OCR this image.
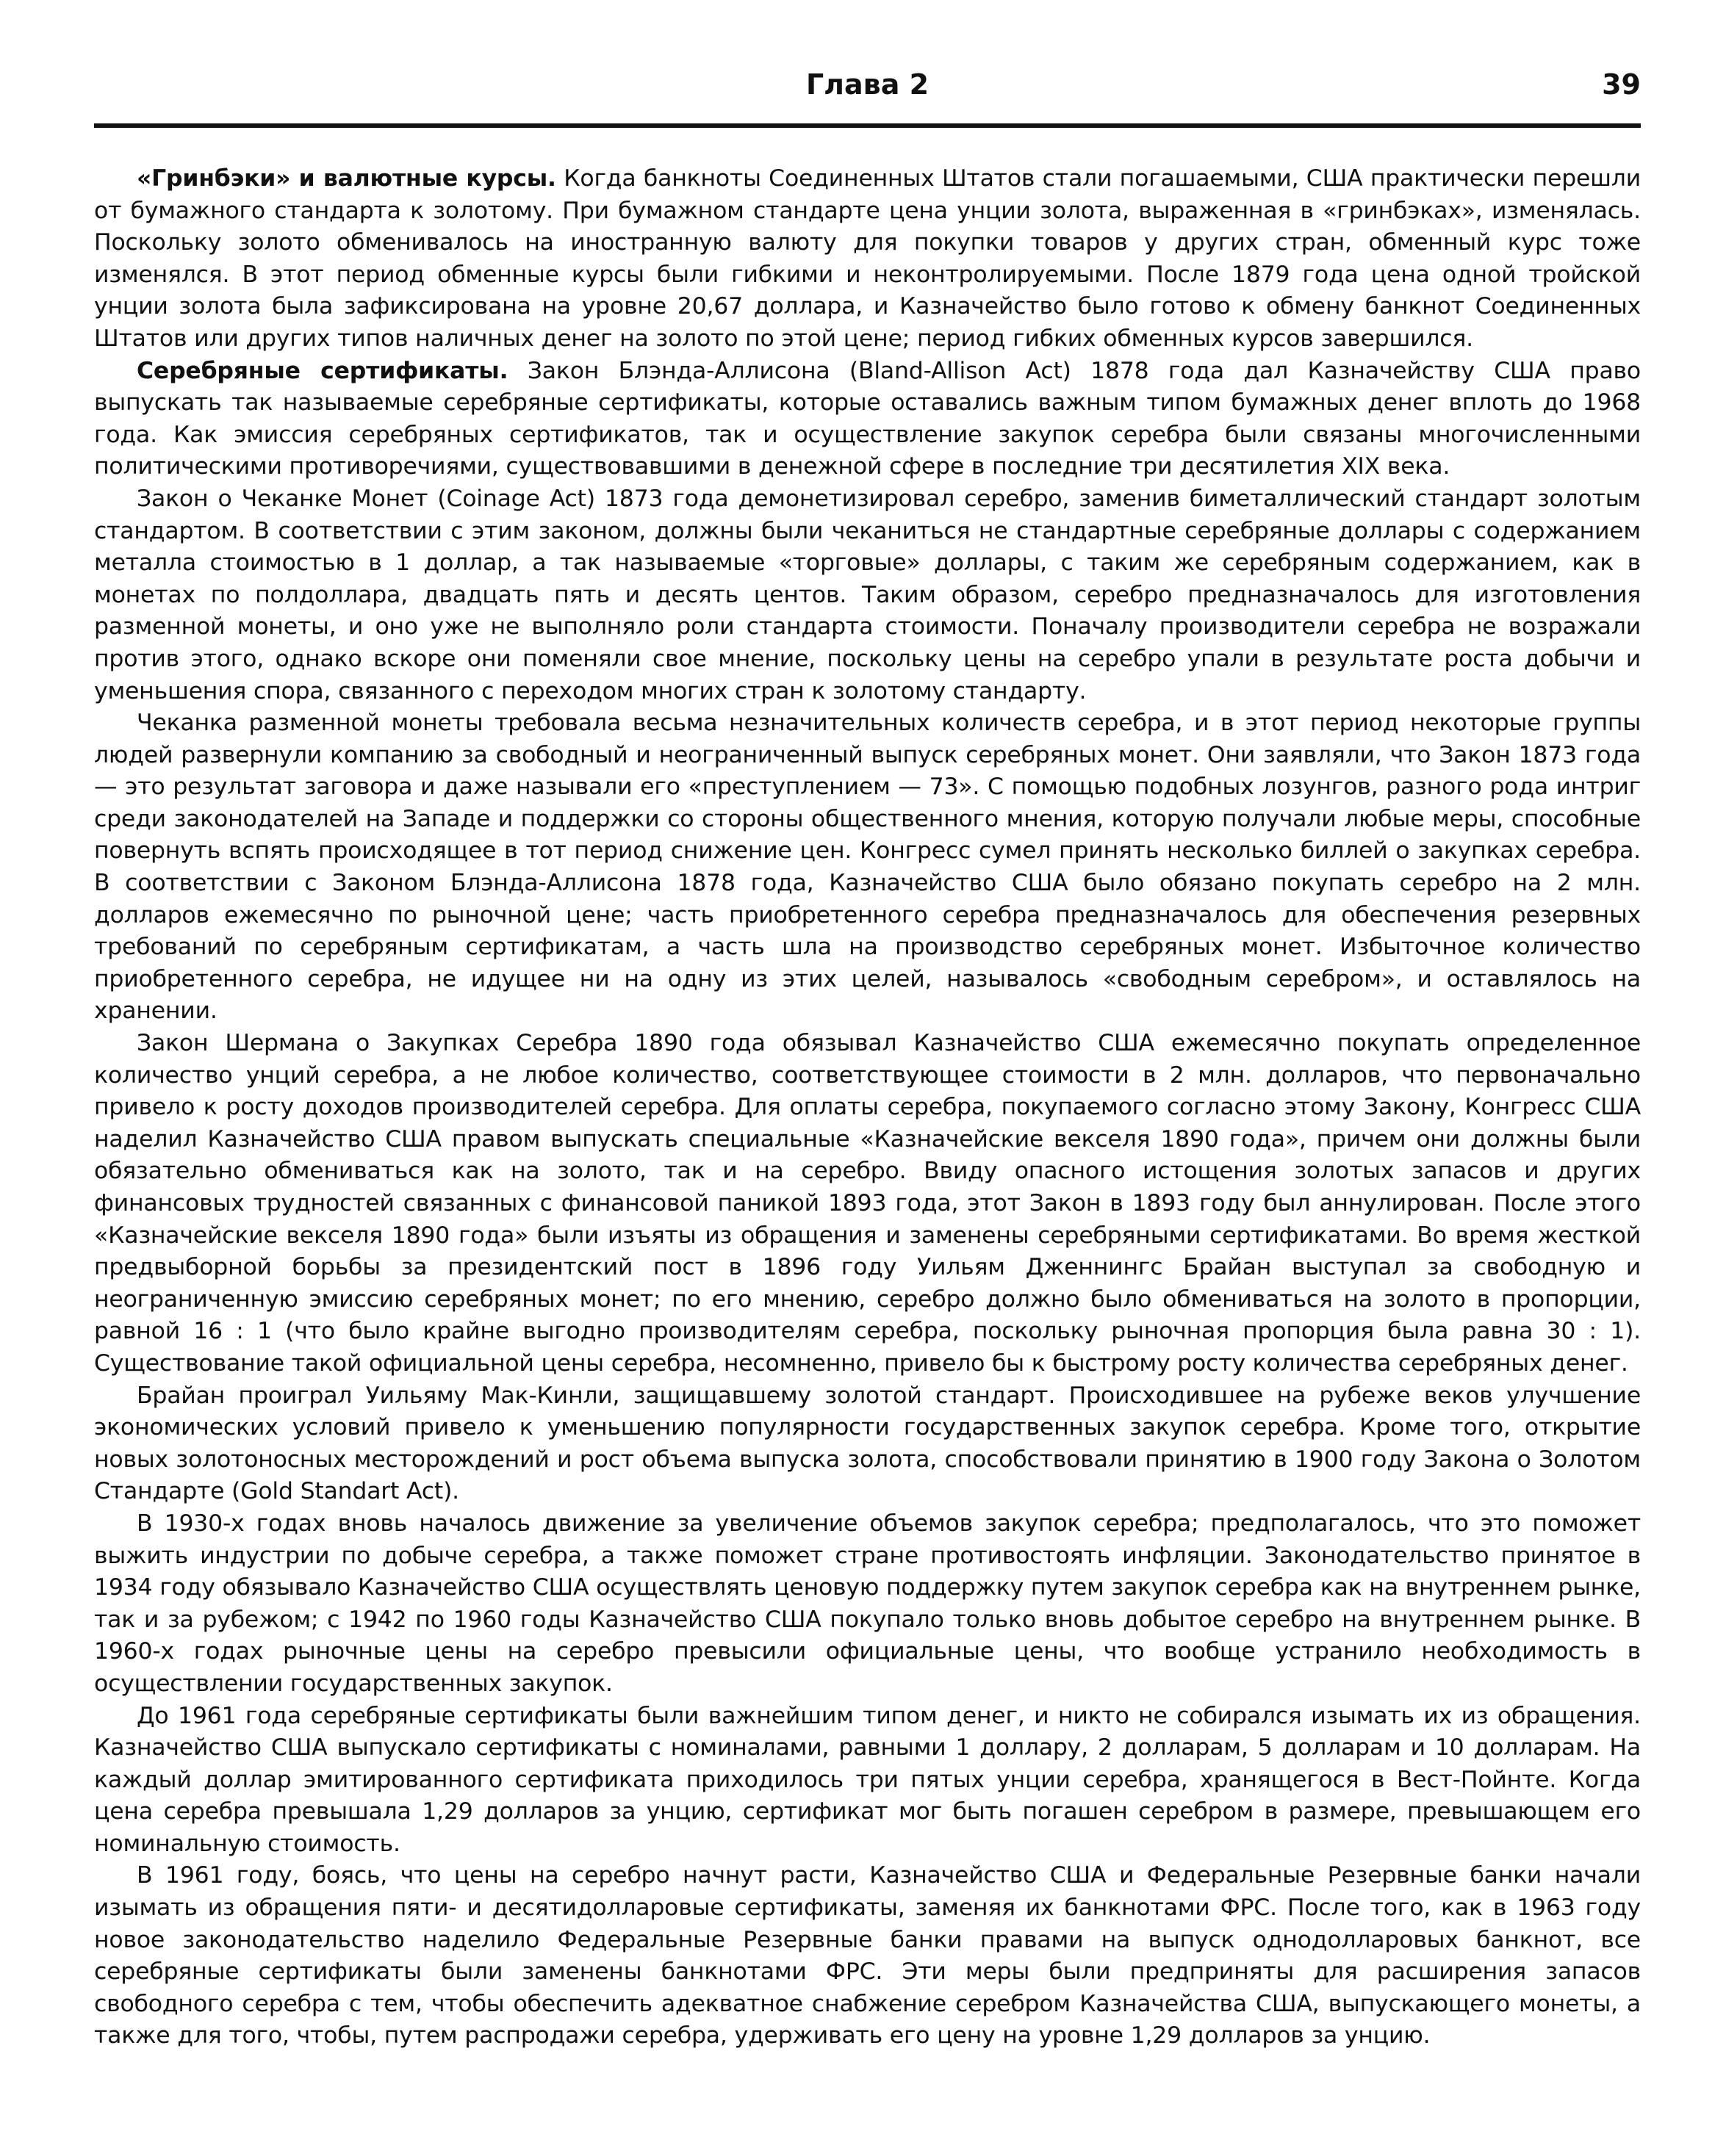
Глава 2	39

«Гринбэки» и валютные курсы. Когда банкноты Соединенных Штатов стали погашаемыми, США практически перешли от бумажного стандарта к золотому. При бумажном стандарте цена унции золота, выраженная в «гринбэках», изменялась. Поскольку золото обменивалось на иностранную валюту для покупки товаров у других стран, обменный курс тоже изменялся. В этот период обменные курсы были гибкими и неконтролируемыми. После 1879 года цена одной тройской унции золота была зафиксирована на уровне 20,67 доллара, и Казначейство было готово к обмену банкнот Соединенных Штатов или других типов наличных денег на золото по этой цене; период гибких обменных курсов завершился.

Серебряные сертификаты. Закон Блэнда-Аллисона (Bland-Allison Act) 1878 года дал Казначейству США право выпускать так называемые серебряные сертификаты, которые оставались важным типом бумажных денег вплоть до 1968 года. Как эмиссия серебряных сертификатов, так и осуществление закупок серебра были связаны многочисленными политическими противоречиями, существовавшими в денежной сфере в последние три десятилетия XIX века.

Закон о Чеканке Монет (Coinage Act) 1873 года демонетизировал серебро, заменив биметаллический стандарт золотым стандартом. В соответствии с этим законом, должны были чеканиться не стандартные серебряные доллары с содержанием металла стоимостью в 1 доллар, а так называемые «торговые» доллары, с таким же серебряным содержанием, как в монетах по полдоллара, двадцать пять и десять центов. Таким образом, серебро предназначалось для изготовления разменной монеты, и оно уже не выполняло роли стандарта стоимости. Поначалу производители серебра не возражали против этого, однако вскоре они поменяли свое мнение, поскольку цены на серебро упали в результате роста добычи и уменьшения спора, связанного с переходом многих стран к золотому стандарту.

Чеканка разменной монеты требовала весьма незначительных количеств серебра, и в этот период некоторые группы людей развернули компанию за свободный и неограниченный выпуск серебряных монет. Они заявляли, что Закон 1873 года — это результат заговора и даже называли его «преступлением — 73». С помощью подобных лозунгов, разного рода интриг среди законодателей на Западе и поддержки со стороны общественного мнения, которую получали любые меры, способные повернуть вспять происходящее в тот период снижение цен. Конгресс сумел принять несколько биллей о закупках серебра. В соответствии с Законом Блэнда-Аллисона 1878 года, Казначейство США было обязано покупать серебро на 2 млн. долларов ежемесячно по рыночной цене; часть приобретенного серебра предназначалось для обеспечения резервных требований по серебряным сертификатам, а часть шла на производство серебряных монет. Избыточное количество приобретенного серебра, не идущее ни на одну из этих целей, называлось «свободным серебром», и оставлялось на хранении.

Закон Шермана о Закупках Серебра 1890 года обязывал Казначейство США ежемесячно покупать определенное количество унций серебра, а не любое количество, соответствующее стоимости в 2 млн. долларов, что первоначально привело к росту доходов производителей серебра. Для оплаты серебра, покупаемого согласно этому Закону, Конгресс США наделил Казначейство США правом выпускать специальные «Казначейские векселя 1890 года», причем они должны были обязательно обмениваться как на золото, так и на серебро. Ввиду опасного истощения золотых запасов и других финансовых трудностей связанных с финансовой паникой 1893 года, этот Закон в 1893 году был аннулирован. После этого «Казначейские векселя 1890 года» были изъяты из обращения и заменены серебряными сертификатами. Во время жесткой предвыборной борьбы за президентский пост в 1896 году Уильям Дженнингс Брайан выступал за свободную и неограниченную эмиссию серебряных монет; по его мнению, серебро должно было обмениваться на золото в пропорции, равной 16 : 1 (что было крайне выгодно производителям серебра, поскольку рыночная пропорция была равна 30 : 1). Существование такой официальной цены серебра, несомненно, привело бы к быстрому росту количества серебряных денег.

Брайан проиграл Уильяму Мак-Кинли, защищавшему золотой стандарт. Происходившее на рубеже веков улучшение экономических условий привело к уменьшению популярности государственных закупок серебра. Кроме того, открытие новых золотоносных месторождений и рост объема выпуска золота, способствовали принятию в 1900 году Закона о Золотом Стандарте (Gold Standart Act).

В 1930-х годах вновь началось движение за увеличение объемов закупок серебра; предполагалось, что это поможет выжить индустрии по добыче серебра, а также поможет стране противостоять инфляции. Законодательство принятое в 1934 году обязывало Казначейство США осуществлять ценовую поддержку путем закупок серебра как на внутреннем рынке, так и за рубежом; с 1942 по 1960 годы Казначейство США покупало только вновь добытое серебро на внутреннем рынке. В 1960-х годах рыночные цены на серебро превысили официальные цены, что вообще устранило необходимость в осуществлении государственных закупок.

До 1961 года серебряные сертификаты были важнейшим типом денег, и никто не собирался изымать их из обращения. Казначейство США выпускало сертификаты с номиналами, равными 1 доллару, 2 долларам, 5 долларам и 10 долларам. На каждый доллар эмитированного сертификата приходилось три пятых унции серебра, хранящегося в Вест-Пойнте. Когда цена серебра превышала 1,29 долларов за унцию, сертификат мог быть погашен серебром в размере, превышающем его номинальную стоимость.

В 1961 году, боясь, что цены на серебро начнут расти, Казначейство США и Федеральные Резервные банки начали изымать из обращения пяти- и десятидолларовые сертификаты, заменяя их банкнотами ФРС. После того, как в 1963 году новое законодательство наделило Федеральные Резервные банки правами на выпуск однодолларовых банкнот, все серебряные сертификаты были заменены банкнотами ФРС. Эти меры были предприняты для расширения запасов свободного серебра с тем, чтобы обеспечить адекватное снабжение серебром Казначейства США, выпускающего монеты, а также для того, чтобы, путем распродажи серебра, удерживать его цену на уровне 1,29 долларов за унцию.
